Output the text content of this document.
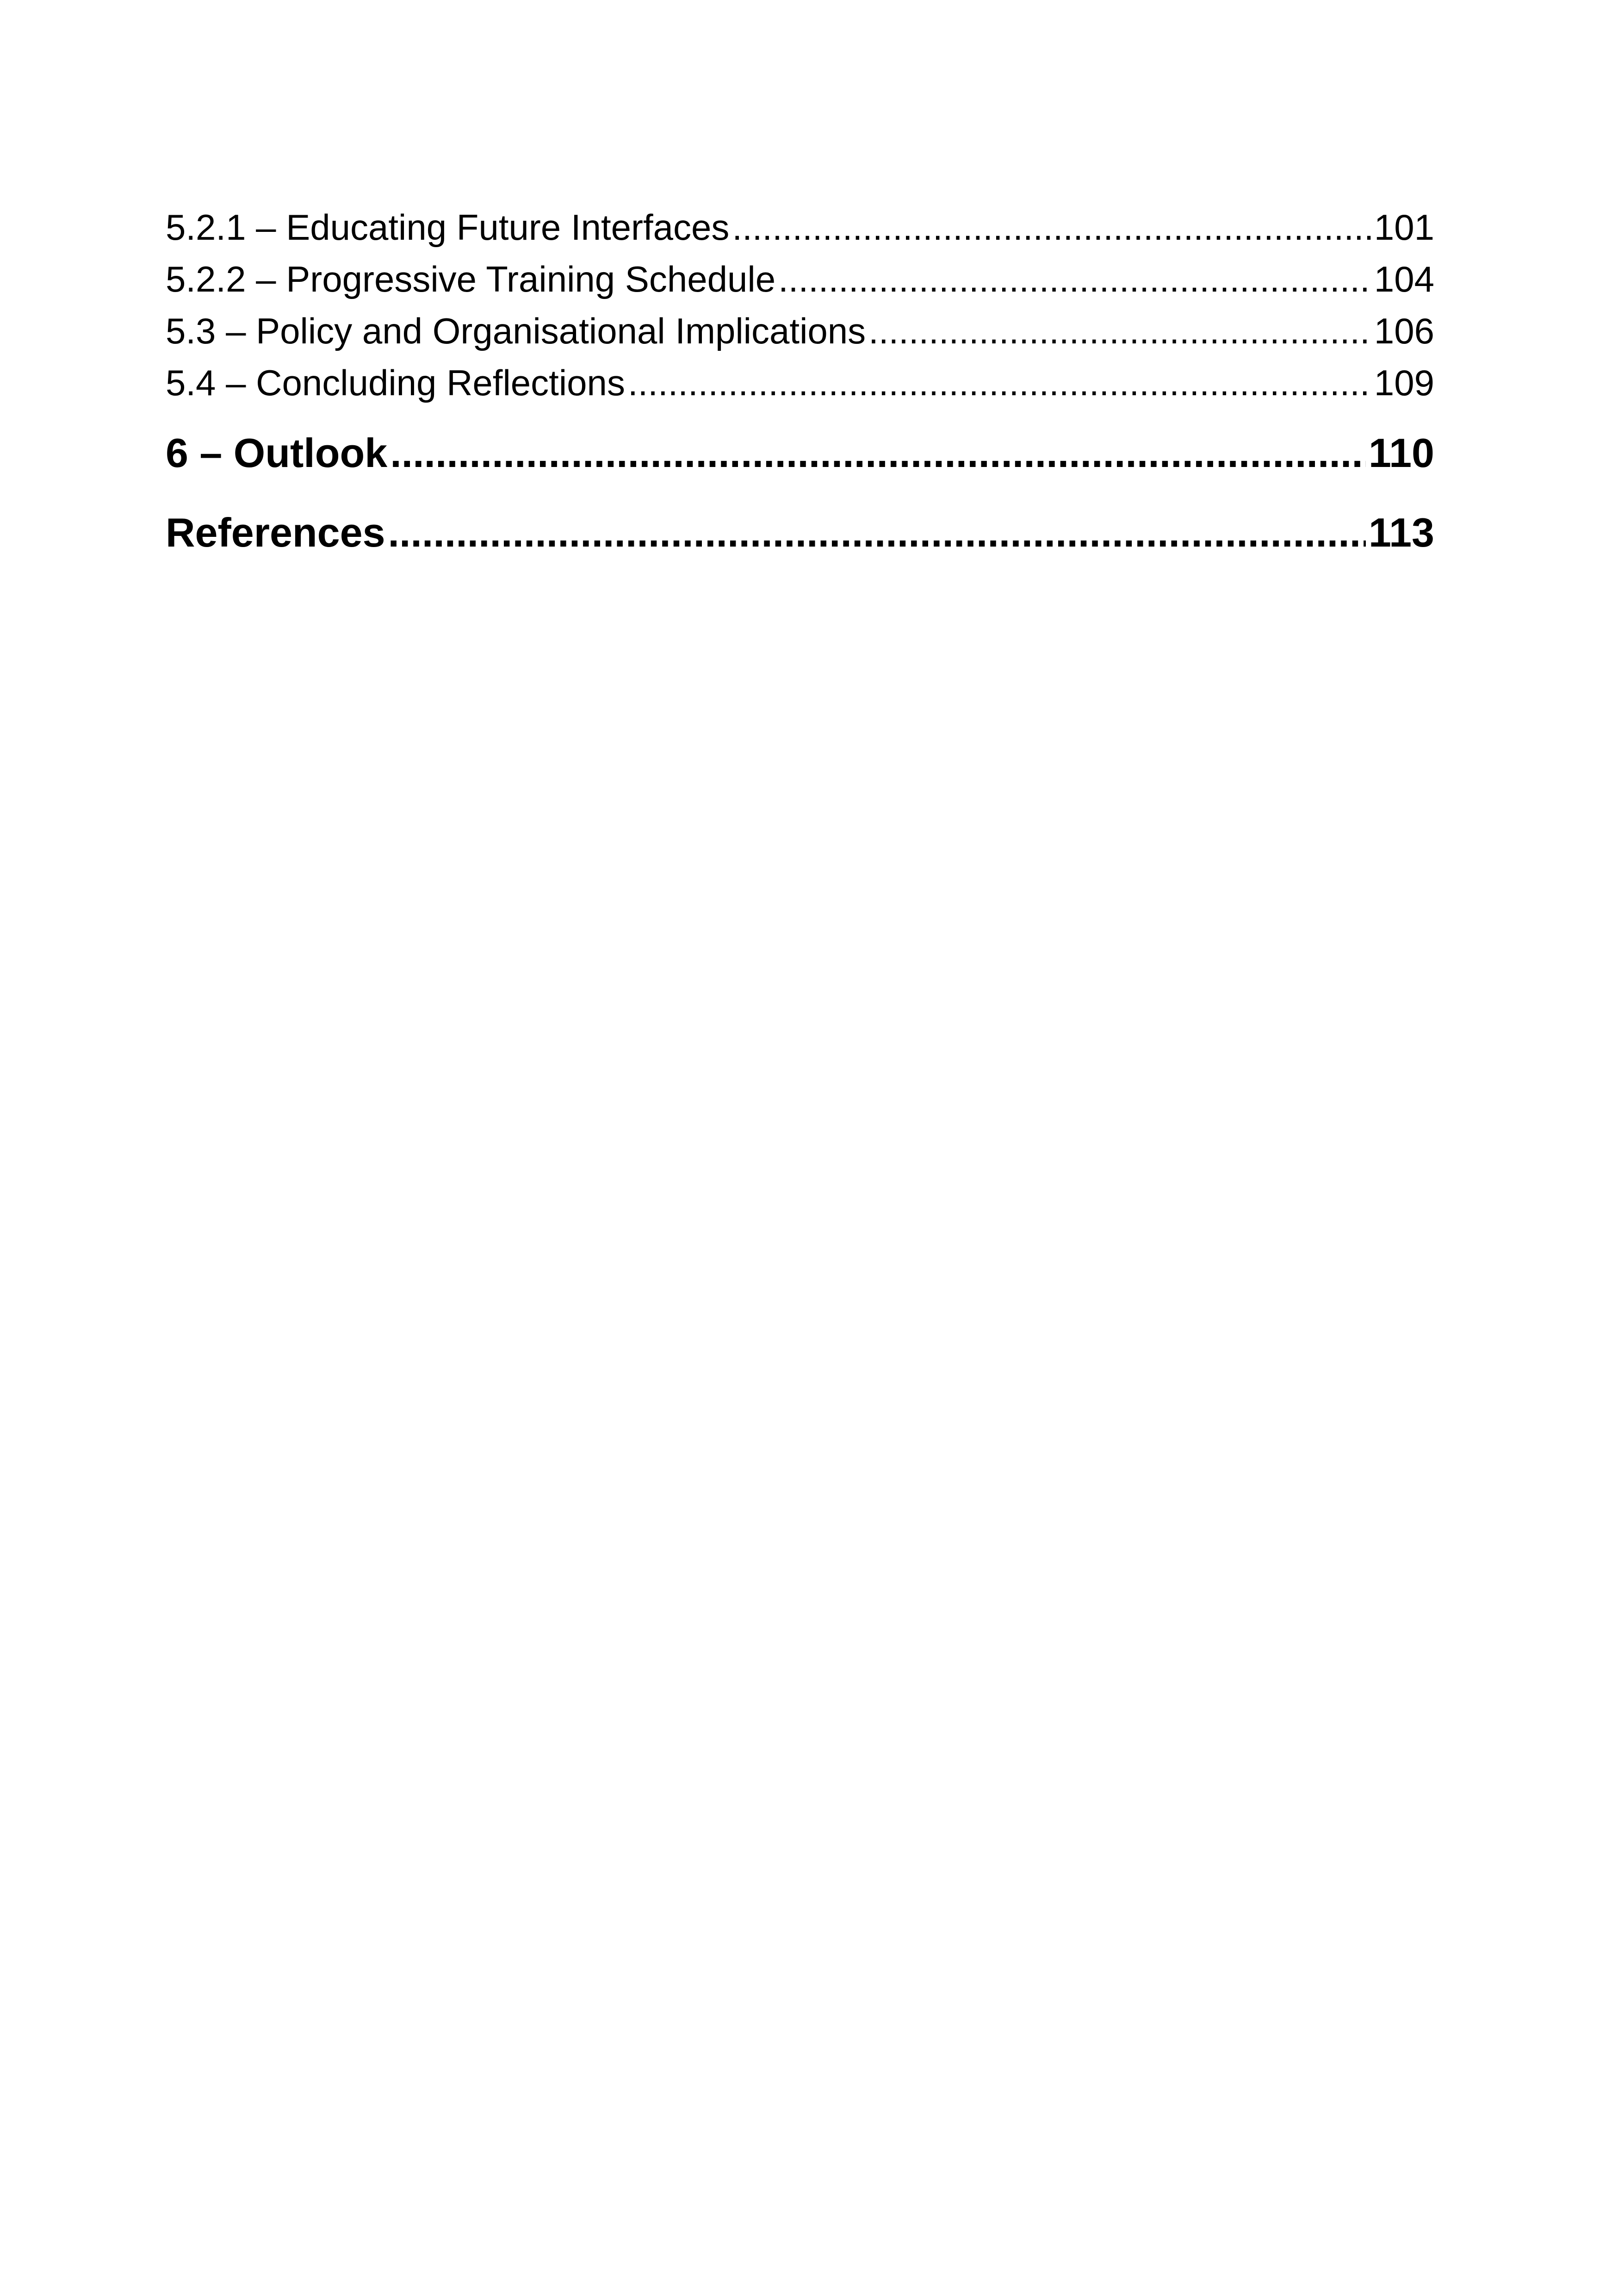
5.2.1 – Educating Future Interfaces .....	101
5.2.2 – Progressive Training Schedule .....	104
5.3 – Policy and Organisational Implications .....	106
5.4 – Concluding Reflections .....	109
6 – Outlook .....	110
References .....	113
